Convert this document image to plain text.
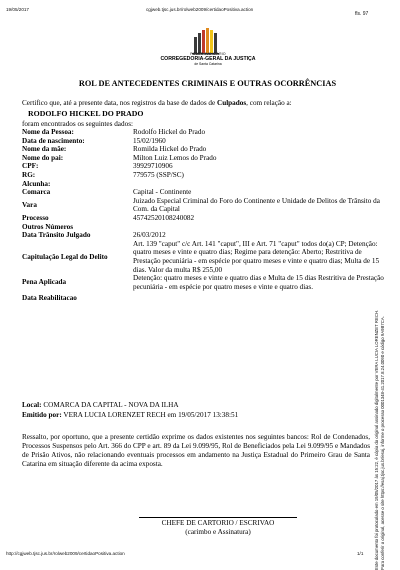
19/05/2017	cgjweb.tjsc.jus.br/rolweb2009/certidaoPositiva.action
fls. 97
PODER JUDICIÁRIO
CORREGEDORIA-GERAL DA JUSTIÇA
de Santa Catarina
ROL DE ANTECEDENTES CRIMINAIS E OUTRAS OCORRÊNCIAS
Certifico que, até a presente data, nos registros da base de dados de Culpados, com relação a:
RODOLFO HICKEL DO PRADO
foram encontrados os seguintes dados:
Nome da Pessoa:	Rodolfo Hickel do Prado
Data de nascimento:	15/02/1960
Nome da mãe:	Romilda Hickel do Prado
Nome do pai:	Milton Luiz Lemos do Prado
CPF:	39929710906
RG:	779575 (SSP/SC)
Alcunha:	
Comarca	Capital - Continente
Vara	Juizado Especial Criminal do Foro do Continente e Unidade de Delitos de Trânsito da Com. da Capital
Processo	45742520108240082
Outros Números	
Data Trânsito Julgado	26/03/2012
Capitulação Legal do Delito	Art. 139 "caput" c/c Art. 141 "caput", III e Art. 71 "caput" todos do(a) CP; Detenção: quatro meses e vinte e quatro dias; Regime para detenção: Aberto; Restritiva de Prestação pecuniária - em espécie por quatro meses e vinte e quatro dias; Multa de 15 dias. Valor da multa R$ 255,00
Pena Aplicada	Detenção: quatro meses e vinte e quatro dias e Multa de 15 dias Restritiva de Prestação pecuniária - em espécie por quatro meses e vinte e quatro dias.
Data Reabilitacao	
Local: COMARCA DA CAPITAL - NOVA DA ILHA
Emitido por: VERA LUCIA LORENZET RECH em 19/05/2017 13:38:51
Ressalto, por oportuno, que a presente certidão exprime os dados existentes nos seguintes bancos: Rol de Condenados, Processos Suspensos pelo Art. 366 do CPP e art. 89 da Lei 9.099/95, Rol de Beneficiados pela Lei 9.099/95 e Mandados de Prisão Ativos, não relacionando eventuais processos em andamento na Justiça Estadual do Primeiro Grau de Santa Catarina em situação diferente da acima exposta.
CHEFE DE CARTORIO / ESCRIVAO
(carimbo e Assinatura)
http://cgjweb.tjsc.jus.br/rolweb2009/certidaoPositiva.action	1/1 Este documento foi protocolado em 19/05/2017 às 15:22, é cópia do original assinado digitalmente por VERA LUCIA LORENZET RECH. Para conferir o original, acesse o site https://esaj.tjsc.jus.br/esaj, informe o processo 0001348-41.2017.8.24.0090 e código 9A9B7CA.
